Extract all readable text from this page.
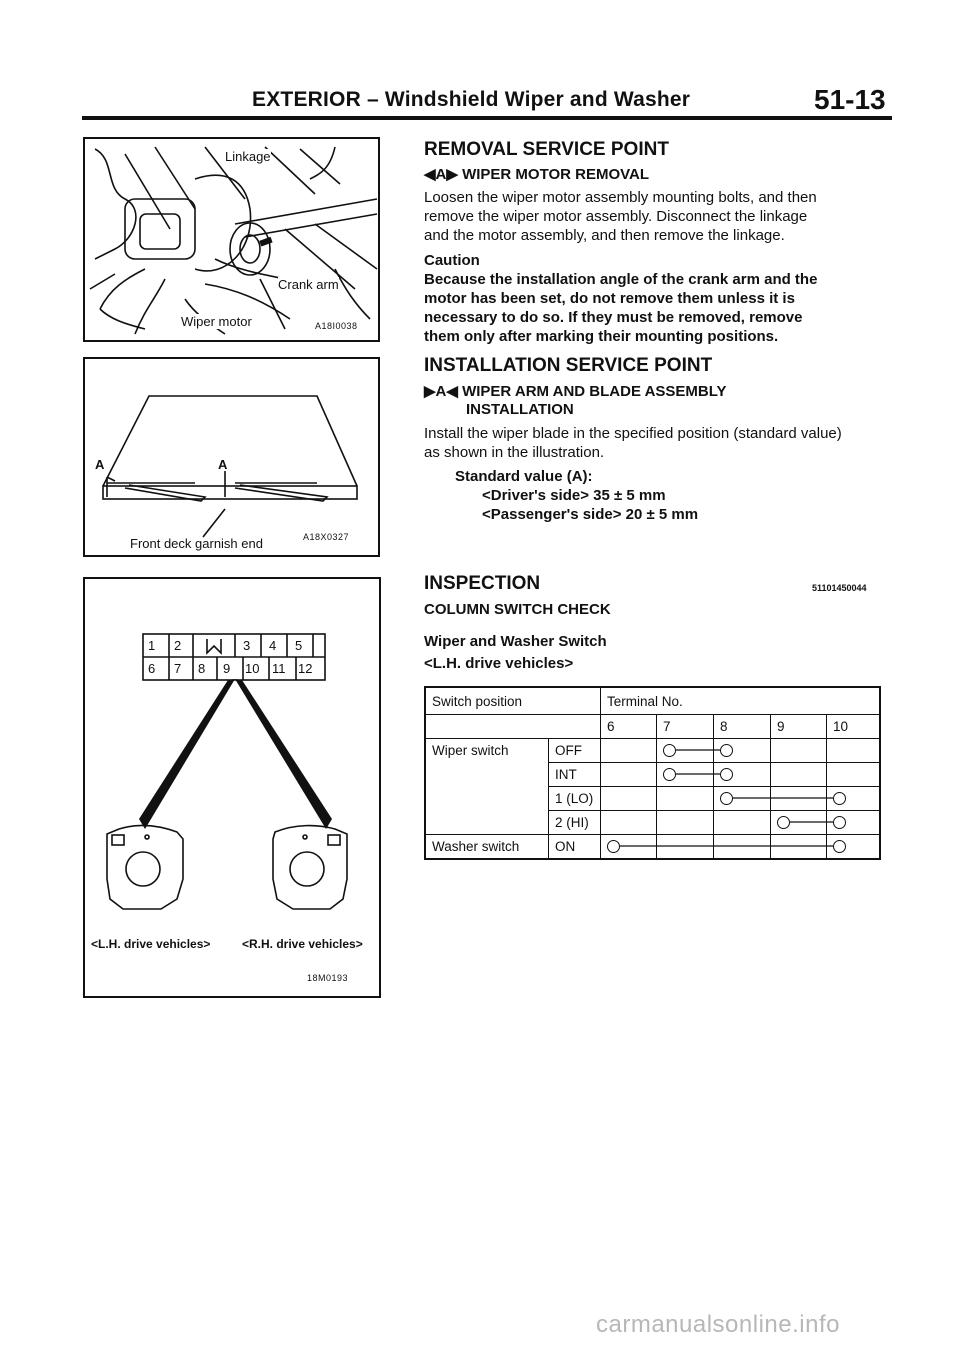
EXTERIOR – Windshield Wiper and Washer	51-13
Linkage
Crank arm
Wiper motor	A18I0038
A	A
Front deck garnish end	A18X0327
1 2	3 4 5
6 7 8 9 10 11 12
<L.H. drive vehicles>	<R.H. drive vehicles>
18M0193
REMOVAL SERVICE POINT
◀A▶ WIPER MOTOR REMOVAL
Loosen the wiper motor assembly mounting bolts, and then
remove the wiper motor assembly. Disconnect the linkage
and the motor assembly, and then remove the linkage.
Caution
Because the installation angle of the crank arm and the
motor has been set, do not remove them unless it is
necessary to do so. If they must be removed, remove
them only after marking their mounting positions.
INSTALLATION SERVICE POINT
▶A◀ WIPER ARM AND BLADE ASSEMBLY
INSTALLATION
Install the wiper blade in the specified position (standard value)
as shown in the illustration.
Standard value (A):
<Driver's side> 35 ± 5 mm
<Passenger's side> 20 ± 5 mm
INSPECTION	51101450044
COLUMN SWITCH CHECK
Wiper and Washer Switch
<L.H. drive vehicles>
Switch position		Terminal No.				
		6	7	8	9	10
Wiper switch	OFF					
	INT					
	1 (LO)					
	2 (HI)					
Washer switch	ON					
carmanualsonline.info
